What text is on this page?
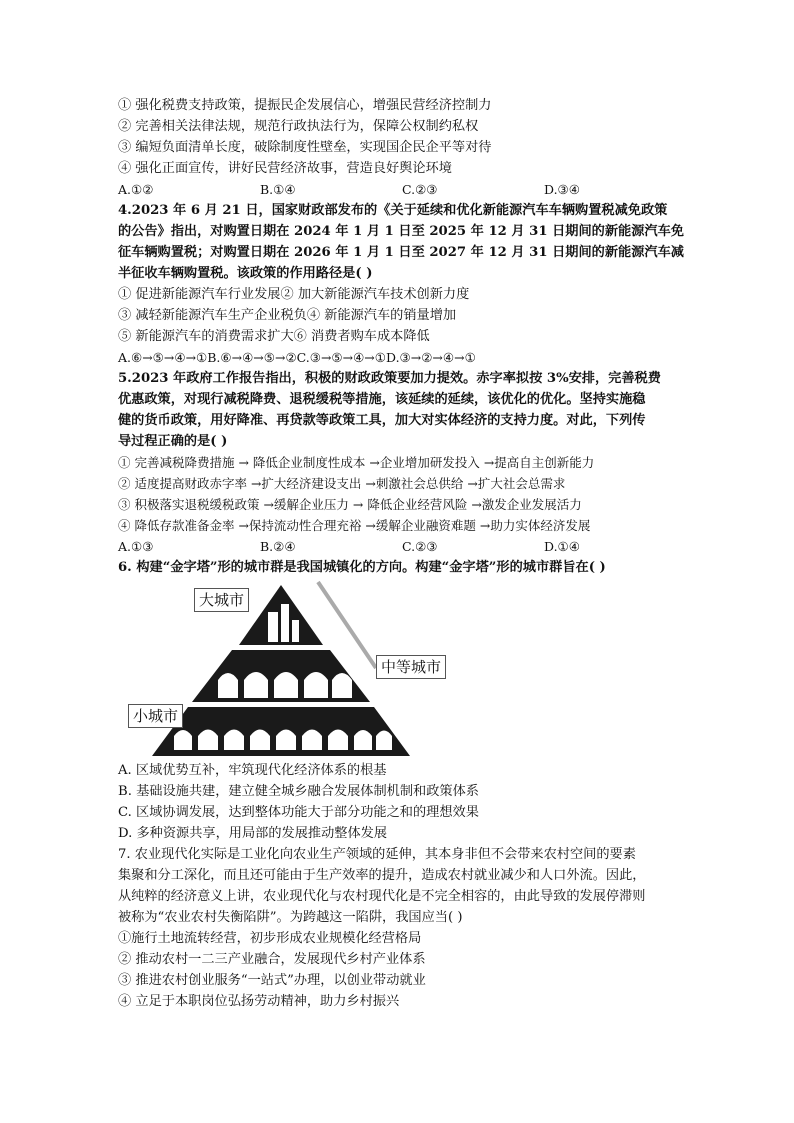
① 强化税费支持政策，提振民企发展信心，增强民营经济控制力
② 完善相关法律法规，规范行政执法行为，保障公权制约私权
③ 编短负面清单长度，破除制度性壁垒，实现国企民企平等对待
④ 强化正面宣传，讲好民营经济故事，营造良好舆论环境
A.①②	B.①④	C.②③	D.③④
4.2023 年 6 月 21 日，国家财政部发布的《关于延续和优化新能源汽车车辆购置税减免政策
的公告》指出，对购置日期在 2024 年 1 月 1 日至 2025 年 12 月 31 日期间的新能源汽车免
征车辆购置税；对购置日期在 2026 年 1 月 1 日至 2027 年 12 月 31 日期间的新能源汽车减
半征收车辆购置税。该政策的作用路径是( )
① 促进新能源汽车行业发展② 加大新能源汽车技术创新力度
③ 减轻新能源汽车生产企业税负④ 新能源汽车的销量增加
⑤ 新能源汽车的消费需求扩大⑥ 消费者购车成本降低
A.⑥→⑤→④→①B.⑥→④→⑤→②C.③→⑤→④→①D.③→②→④→①
5.2023 年政府工作报告指出，积极的财政政策要加力提效。赤字率拟按 3%安排，完善税费
优惠政策，对现行减税降费、退税缓税等措施，该延续的延续，该优化的优化。坚持实施稳
健的货币政策，用好降准、再贷款等政策工具，加大对实体经济的支持力度。对此，下列传
导过程正确的是( )
① 完善减税降费措施 → 降低企业制度性成本 →企业增加研发投入 →提高自主创新能力
② 适度提高财政赤字率 →扩大经济建设支出 →刺激社会总供给 →扩大社会总需求
③ 积极落实退税缓税政策 →缓解企业压力 → 降低企业经营风险 →激发企业发展活力
④ 降低存款准备金率 →保持流动性合理充裕 →缓解企业融资难题 →助力实体经济发展
A.①③	B.②④	C.②③	D.①④
6. 构建“金字塔”形的城市群是我国城镇化的方向。构建“金字塔”形的城市群旨在( )
大城市
中等城市
小城市
A. 区域优势互补，牢筑现代化经济体系的根基
B. 基础设施共建，建立健全城乡融合发展体制机制和政策体系
C. 区域协调发展，达到整体功能大于部分功能之和的理想效果
D. 多种资源共享，用局部的发展推动整体发展
7. 农业现代化实际是工业化向农业生产领域的延伸，其本身非但不会带来农村空间的要素
集聚和分工深化，而且还可能由于生产效率的提升，造成农村就业减少和人口外流。因此，
从纯粹的经济意义上讲，农业现代化与农村现代化是不完全相容的，由此导致的发展停滞则
被称为“农业农村失衡陷阱”。为跨越这一陷阱，我国应当( )
①施行土地流转经营，初步形成农业规模化经营格局
② 推动农村一二三产业融合，发展现代乡村产业体系
③ 推进农村创业服务“一站式”办理，以创业带动就业
④ 立足于本职岗位弘扬劳动精神，助力乡村振兴
